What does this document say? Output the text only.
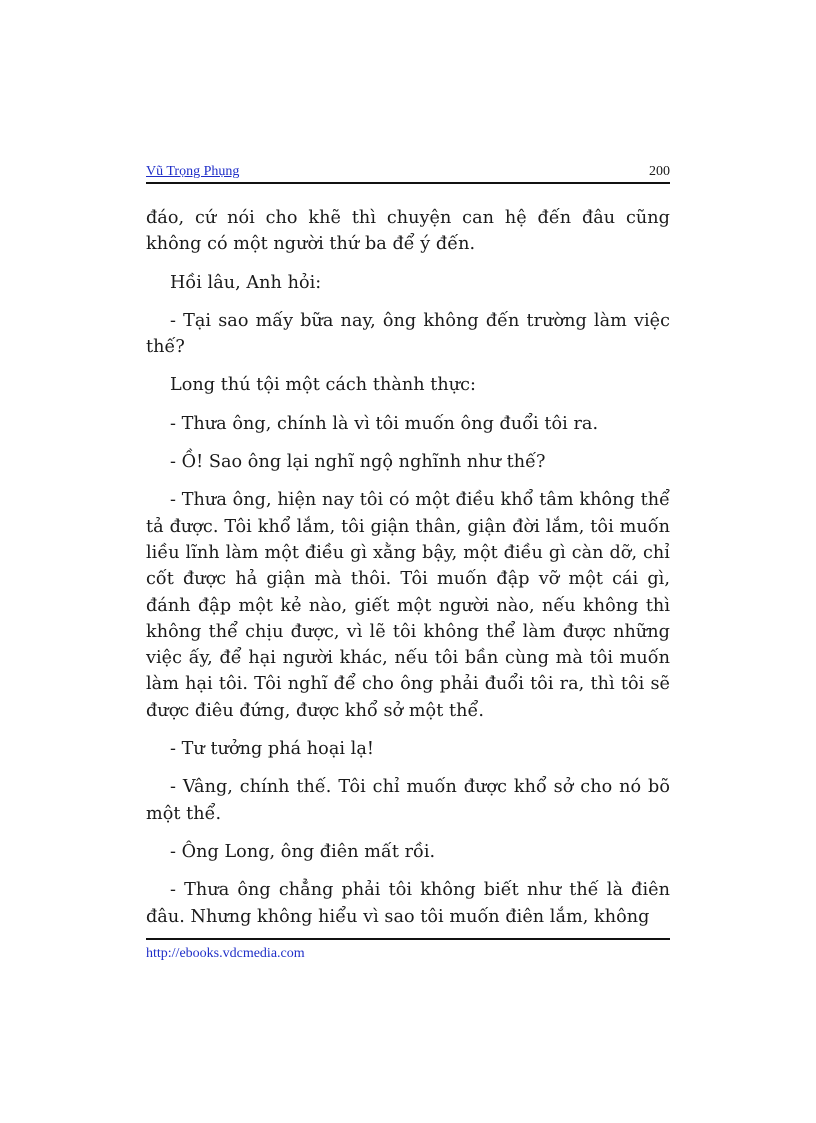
Vũ Trọng Phụng	200

đáo, cứ nói cho khẽ thì chuyện can hệ đến đâu cũng không có một người thứ ba để ý đến.

Hồi lâu, Anh hỏi:

- Tại sao mấy bữa nay, ông không đến trường làm việc thế?

Long thú tội một cách thành thực:

- Thưa ông, chính là vì tôi muốn ông đuổi tôi ra.

- Ồ! Sao ông lại nghĩ ngộ nghĩnh như thế?

- Thưa ông, hiện nay tôi có một điều khổ tâm không thể tả được. Tôi khổ lắm, tôi giận thân, giận đời lắm, tôi muốn liều lĩnh làm một điều gì xằng bậy, một điều gì càn dỡ, chỉ cốt được hả giận mà thôi. Tôi muốn đập vỡ một cái gì, đánh đập một kẻ nào, giết một người nào, nếu không thì không thể chịu được, vì lẽ tôi không thể làm được những việc ấy, để hại người khác, nếu tôi bần cùng mà tôi muốn làm hại tôi. Tôi nghĩ để cho ông phải đuổi tôi ra, thì tôi sẽ được điêu đứng, được khổ sở một thể.

- Tư tưởng phá hoại lạ!

- Vâng, chính thế. Tôi chỉ muốn được khổ sở cho nó bõ một thể.

- Ông Long, ông điên mất rồi.

- Thưa ông chẳng phải tôi không biết như thế là điên đâu. Nhưng không hiểu vì sao tôi muốn điên lắm, không

http://ebooks.vdcmedia.com
